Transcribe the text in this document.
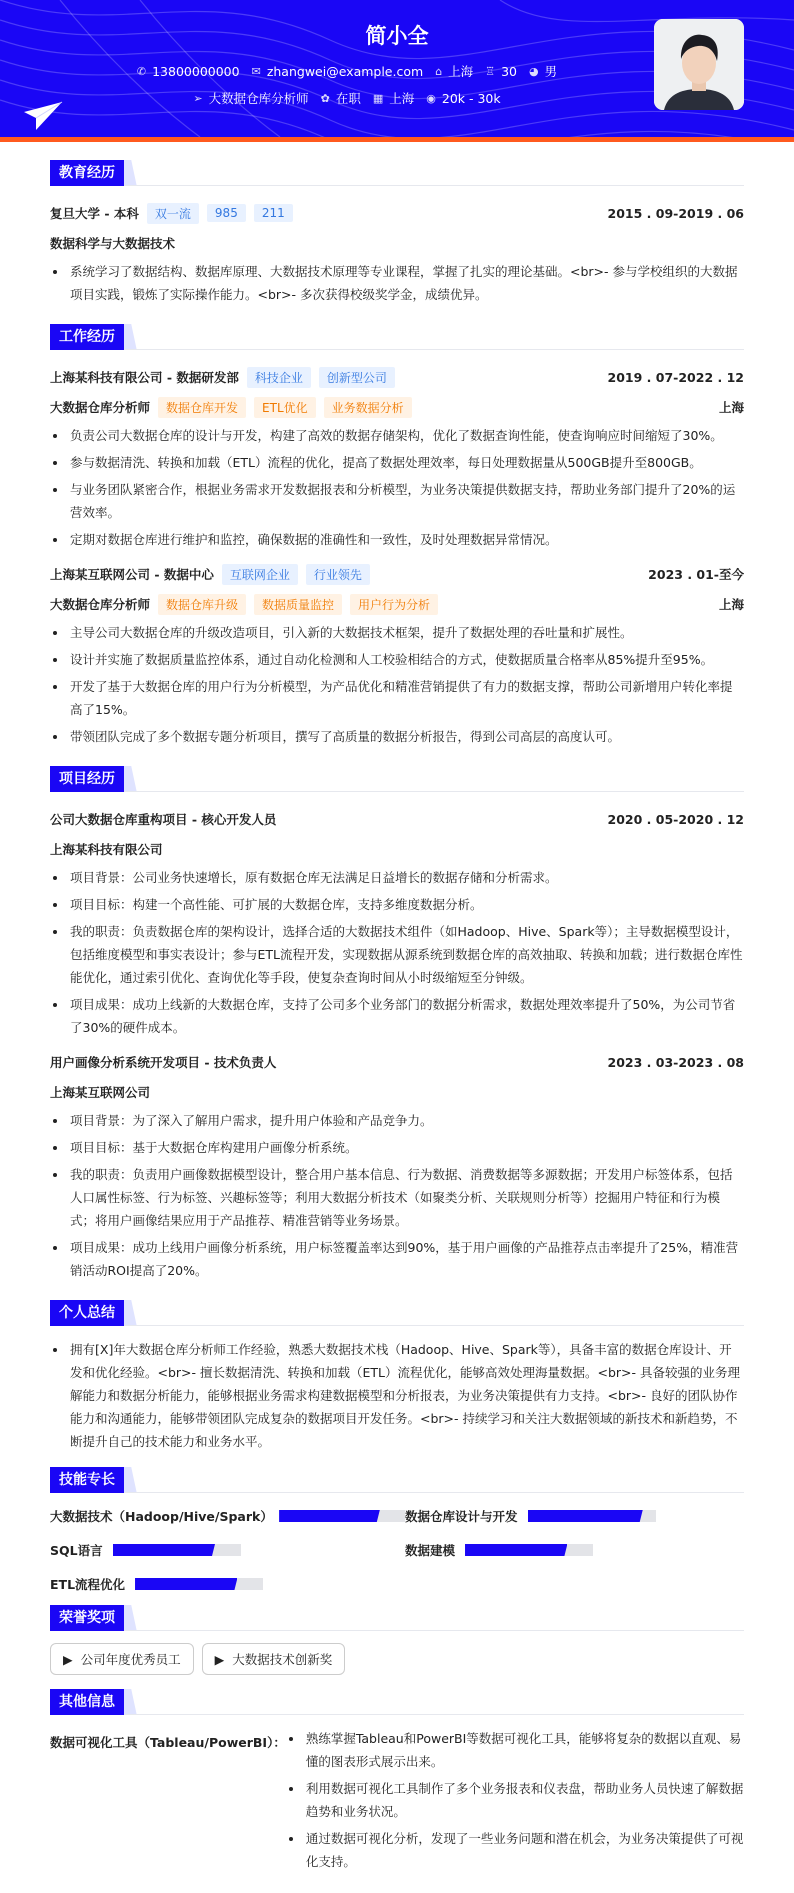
简小全
✆ 13800000000 ✉ zhangwei@example.com ⌂ 上海 ♖ 30 ◕ 男
➢ 大数据仓库分析师 ✿ 在职 ▦ 上海 ◉ 20k - 30k
教育经历
复旦大学 - 本科	双一流	985	211	2015 . 09-2019 . 06
数据科学与大数据技术
系统学习了数据结构、数据库原理、大数据技术原理等专业课程，掌握了扎实的理论基础。<br>- 参与学校组织的大数据项目实践，锻炼了实际操作能力。<br>- 多次获得校级奖学金，成绩优异。
工作经历
上海某科技有限公司 - 数据研发部	科技企业	创新型公司	2019 . 07-2022 . 12
大数据仓库分析师	数据仓库开发	ETL优化	业务数据分析	上海
负责公司大数据仓库的设计与开发，构建了高效的数据存储架构，优化了数据查询性能，使查询响应时间缩短了30%。
参与数据清洗、转换和加载（ETL）流程的优化，提高了数据处理效率，每日处理数据量从500GB提升至800GB。
与业务团队紧密合作，根据业务需求开发数据报表和分析模型，为业务决策提供数据支持，帮助业务部门提升了20%的运营效率。
定期对数据仓库进行维护和监控，确保数据的准确性和一致性，及时处理数据异常情况。
上海某互联网公司 - 数据中心	互联网企业	行业领先	2023 . 01-至今
大数据仓库分析师	数据仓库升级	数据质量监控	用户行为分析	上海
主导公司大数据仓库的升级改造项目，引入新的大数据技术框架，提升了数据处理的吞吐量和扩展性。
设计并实施了数据质量监控体系，通过自动化检测和人工校验相结合的方式，使数据质量合格率从85%提升至95%。
开发了基于大数据仓库的用户行为分析模型，为产品优化和精准营销提供了有力的数据支撑，帮助公司新增用户转化率提高了15%。
带领团队完成了多个数据专题分析项目，撰写了高质量的数据分析报告，得到公司高层的高度认可。
项目经历
公司大数据仓库重构项目 - 核心开发人员	2020 . 05-2020 . 12
上海某科技有限公司
项目背景：公司业务快速增长，原有数据仓库无法满足日益增长的数据存储和分析需求。
项目目标：构建一个高性能、可扩展的大数据仓库，支持多维度数据分析。
我的职责：负责数据仓库的架构设计，选择合适的大数据技术组件（如Hadoop、Hive、Spark等）；主导数据模型设计，包括维度模型和事实表设计；参与ETL流程开发，实现数据从源系统到数据仓库的高效抽取、转换和加载；进行数据仓库性能优化，通过索引优化、查询优化等手段，使复杂查询时间从小时级缩短至分钟级。
项目成果：成功上线新的大数据仓库，支持了公司多个业务部门的数据分析需求，数据处理效率提升了50%，为公司节省了30%的硬件成本。
用户画像分析系统开发项目 - 技术负责人	2023 . 03-2023 . 08
上海某互联网公司
项目背景：为了深入了解用户需求，提升用户体验和产品竞争力。
项目目标：基于大数据仓库构建用户画像分析系统。
我的职责：负责用户画像数据模型设计，整合用户基本信息、行为数据、消费数据等多源数据；开发用户标签体系，包括人口属性标签、行为标签、兴趣标签等；利用大数据分析技术（如聚类分析、关联规则分析等）挖掘用户特征和行为模式；将用户画像结果应用于产品推荐、精准营销等业务场景。
项目成果：成功上线用户画像分析系统，用户标签覆盖率达到90%，基于用户画像的产品推荐点击率提升了25%，精准营销活动ROI提高了20%。
个人总结
拥有[X]年大数据仓库分析师工作经验，熟悉大数据技术栈（Hadoop、Hive、Spark等），具备丰富的数据仓库设计、开发和优化经验。<br>- 擅长数据清洗、转换和加载（ETL）流程优化，能够高效处理海量数据。<br>- 具备较强的业务理解能力和数据分析能力，能够根据业务需求构建数据模型和分析报表，为业务决策提供有力支持。<br>- 良好的团队协作能力和沟通能力，能够带领团队完成复杂的数据项目开发任务。<br>- 持续学习和关注大数据领域的新技术和新趋势，不断提升自己的技术能力和业务水平。
技能专长
大数据技术（Hadoop/Hive/Spark）	数据仓库设计与开发
SQL语言	数据建模
ETL流程优化
荣誉奖项
▶ 公司年度优秀员工	▶ 大数据技术创新奖
其他信息
数据可视化工具（Tableau/PowerBI）：	熟练掌握Tableau和PowerBI等数据可视化工具，能够将复杂的数据以直观、易懂的图表形式展示出来。
利用数据可视化工具制作了多个业务报表和仪表盘，帮助业务人员快速了解数据趋势和业务状况。
通过数据可视化分析，发现了一些业务问题和潜在机会，为业务决策提供了可视化支持。
